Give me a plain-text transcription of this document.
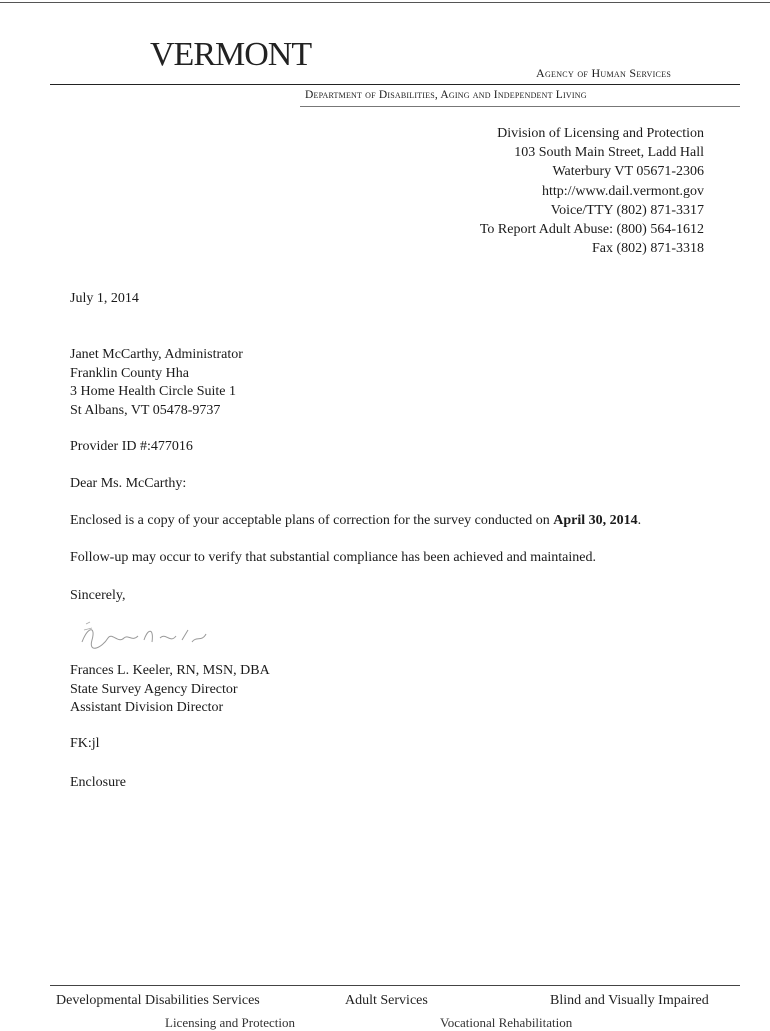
VERMONT	Agency of Human Services
Department of Disabilities, Aging and Independent Living
Division of Licensing and Protection
103 South Main Street, Ladd Hall
Waterbury VT 05671-2306
http://www.dail.vermont.gov
Voice/TTY (802) 871-3317
To Report Adult Abuse: (800) 564-1612
Fax (802) 871-3318
July 1, 2014
Janet McCarthy, Administrator
Franklin County Hha
3 Home Health Circle Suite 1
St Albans, VT 05478-9737
Provider ID #:477016
Dear Ms. McCarthy:
Enclosed is a copy of your acceptable plans of correction for the survey conducted on April 30, 2014.
Follow-up may occur to verify that substantial compliance has been achieved and maintained.
Sincerely,
Frances L. Keeler, RN, MSN, DBA
State Survey Agency Director
Assistant Division Director
FK:jl
Enclosure
Developmental Disabilities Services	Adult Services	Blind and Visually Impaired
Licensing and Protection	Vocational Rehabilitation
